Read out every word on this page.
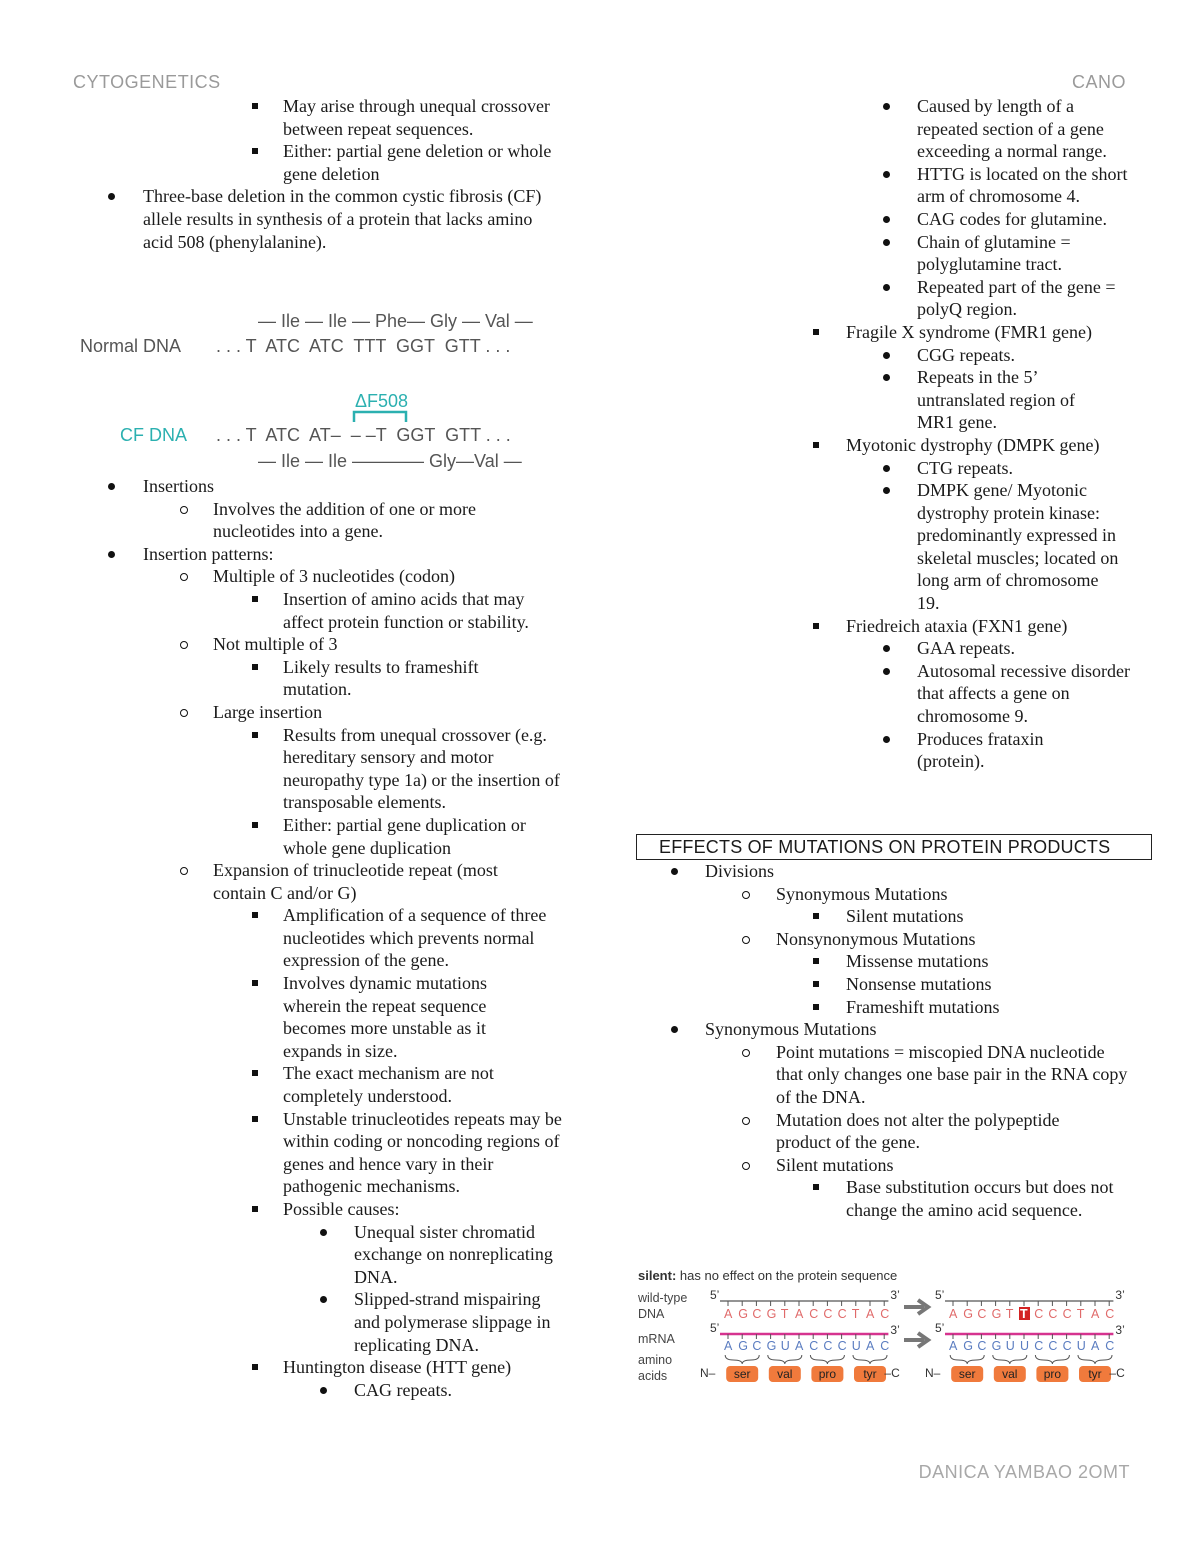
CYTOGENETICS	CANO
May arise through unequal crossover between repeat sequences.
Either: partial gene deletion or whole gene deletion
Three-base deletion in the common cystic fibrosis (CF) allele results in synthesis of a protein that lacks amino acid 508 (phenylalanine).
— Ile — Ile — Phe— Gly — Val —
Normal DNA . . . T  ATC  ATC  TTT  GGT  GTT . . .
ΔF508
CF DNA . . . T  ATC  AT–  – –T  GGT  GTT . . .
— Ile — Ile ———— Gly—Val —
Insertions
Involves the addition of one or more nucleotides into a gene.
Insertion patterns:
Multiple of 3 nucleotides (codon)
Insertion of amino acids that may affect protein function or stability.
Not multiple of 3
Likely results to frameshift mutation.
Large insertion
Results from unequal crossover (e.g. hereditary sensory and motor neuropathy type 1a) or the insertion of transposable elements.
Either: partial gene duplication or whole gene duplication
Expansion of trinucleotide repeat (most contain C and/or G)
Amplification of a sequence of three nucleotides which prevents normal expression of the gene.
Involves dynamic mutations wherein the repeat sequence becomes more unstable as it expands in size.
The exact mechanism are not completely understood.
Unstable trinucleotides repeats may be within coding or noncoding regions of genes and hence vary in their pathogenic mechanisms.
Possible causes:
Unequal sister chromatid exchange on nonreplicating DNA.
Slipped-strand mispairing and polymerase slippage in replicating DNA.
Huntington disease (HTT gene)
CAG repeats.
Caused by length of a repeated section of a gene exceeding a normal range.
HTTG is located on the short arm of chromosome 4.
CAG codes for glutamine.
Chain of glutamine = polyglutamine tract.
Repeated part of the gene = polyQ region.
Fragile X syndrome (FMR1 gene)
CGG repeats.
Repeats in the 5’ untranslated region of MR1 gene.
Myotonic dystrophy (DMPK gene)
CTG repeats.
DMPK gene/ Myotonic dystrophy protein kinase: predominantly expressed in skeletal muscles; located on long arm of chromosome 19.
Friedreich ataxia (FXN1 gene)
GAA repeats.
Autosomal recessive disorder that affects a gene on chromosome 9.
Produces frataxin (protein).
EFFECTS OF MUTATIONS ON PROTEIN PRODUCTS
Divisions
Synonymous Mutations
Silent mutations
Nonsynonymous Mutations
Missense mutations
Nonsense mutations
Frameshift mutations
Synonymous Mutations
Point mutations = miscopied DNA nucleotide that only changes one base pair in the RNA copy of the DNA.
Mutation does not alter the polypeptide product of the gene.
Silent mutations
Base substitution occurs but does not change the amino acid sequence.
silent: has no effect on the protein sequence
wild-type
DNA
mRNA
amino
acids
5’	3’
A G C G T A C C C T A C
5’	3’
A G C G U A C C C U A C
N– ser val pro tyr –C
5’	3’
A G C G T T C C C T A C
5’	3’
A G C G U U C C C U A C
N– ser val pro tyr –C
DANICA YAMBAO 2OMT
